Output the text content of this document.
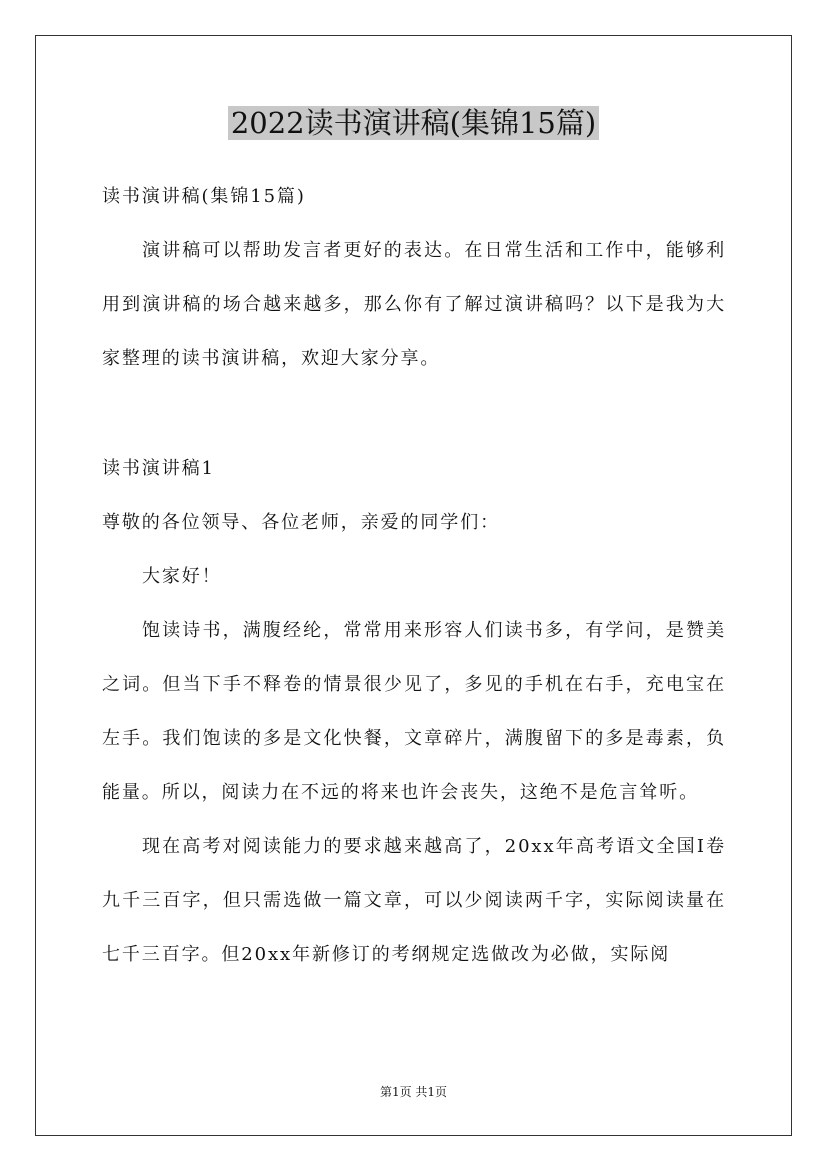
2022读书演讲稿(集锦15篇)

读书演讲稿(集锦15篇)

演讲稿可以帮助发言者更好的表达。在日常生活和工作中，能够利用到演讲稿的场合越来越多，那么你有了解过演讲稿吗？以下是我为大家整理的读书演讲稿，欢迎大家分享。

读书演讲稿1

尊敬的各位领导、各位老师，亲爱的同学们：

大家好！

饱读诗书，满腹经纶，常常用来形容人们读书多，有学问，是赞美之词。但当下手不释卷的情景很少见了，多见的手机在右手，充电宝在左手。我们饱读的多是文化快餐，文章碎片，满腹留下的多是毒素，负能量。所以，阅读力在不远的将来也许会丧失，这绝不是危言耸听。

现在高考对阅读能力的要求越来越高了，20xx年高考语文全国Ⅰ卷九千三百字，但只需选做一篇文章，可以少阅读两千字，实际阅读量在七千三百字。但20xx年新修订的考纲规定选做改为必做，实际阅

第1页 共1页
